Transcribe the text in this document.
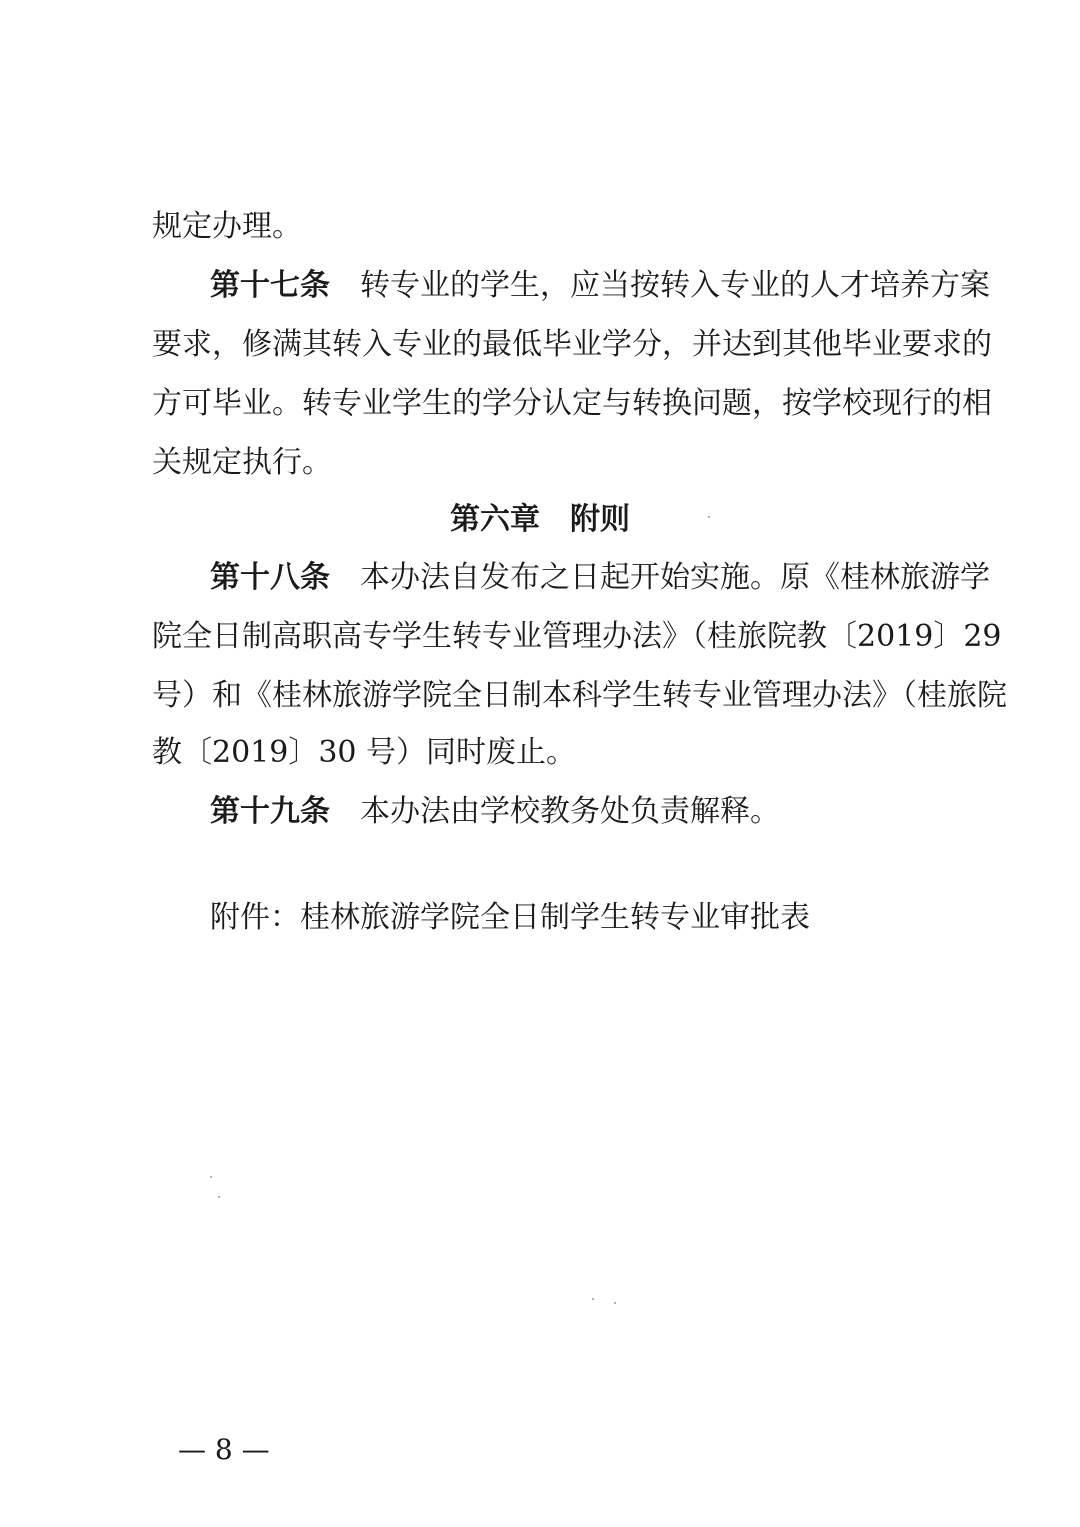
规定办理。
第十七条  转专业的学生，应当按转入专业的人才培养方案
要求，修满其转入专业的最低毕业学分，并达到其他毕业要求的
方可毕业。转专业学生的学分认定与转换问题，按学校现行的相
关规定执行。
第六章 附则
第十八条  本办法自发布之日起开始实施。原《桂林旅游学
院全日制高职高专学生转专业管理办法》（桂旅院教〔2019〕29
号）和《桂林旅游学院全日制本科学生转专业管理办法》（桂旅院
教〔2019〕30 号）同时废止。
第十九条  本办法由学校教务处负责解释。
附件：桂林旅游学院全日制学生转专业审批表
— 8 —
